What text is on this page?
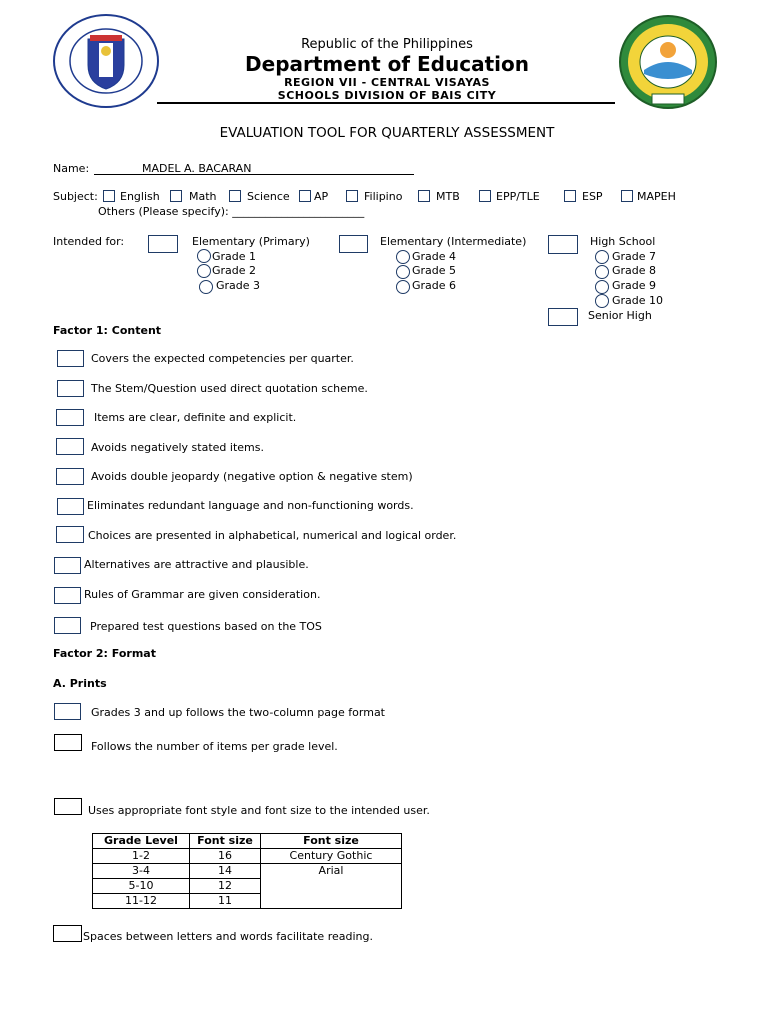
Republic of the Philippines
Department of Education
REGION VII - CENTRAL VISAYAS
SCHOOLS DIVISION OF BAIS CITY
EVALUATION TOOL FOR QUARTERLY ASSESSMENT
Name:	MADEL A. BACARAN
Subject: English	Math	Science AP	Filipino	MTB	EPP/TLE	ESP	MAPEH
Others (Please specify): ________________________
Intended for:	Elementary (Primary)
Grade 1
Grade 2
Grade 3
Elementary (Intermediate)
Grade 4
Grade 5
Grade 6
High School
Grade 7
Grade 8
Grade 9
Grade 10
Senior High
Factor 1: Content
Covers the expected competencies per quarter.
The Stem/Question used direct quotation scheme.
Items are clear, definite and explicit.
Avoids negatively stated items.
Avoids double jeopardy (negative option & negative stem)
Eliminates redundant language and non-functioning words.
Choices are presented in alphabetical, numerical and logical order.
Alternatives are attractive and plausible.
Rules of Grammar are given consideration.
Prepared test questions based on the TOS
Factor 2: Format
A. Prints
Grades 3 and up follows the two-column page format
Follows the number of items per grade level.
Uses appropriate font style and font size to the intended user.
Grade Level	Font size	Font size
1-2	16	Century Gothic
3-4	14	Arial
5-10	12	
11-12	11	
Spaces between letters and words facilitate reading.
